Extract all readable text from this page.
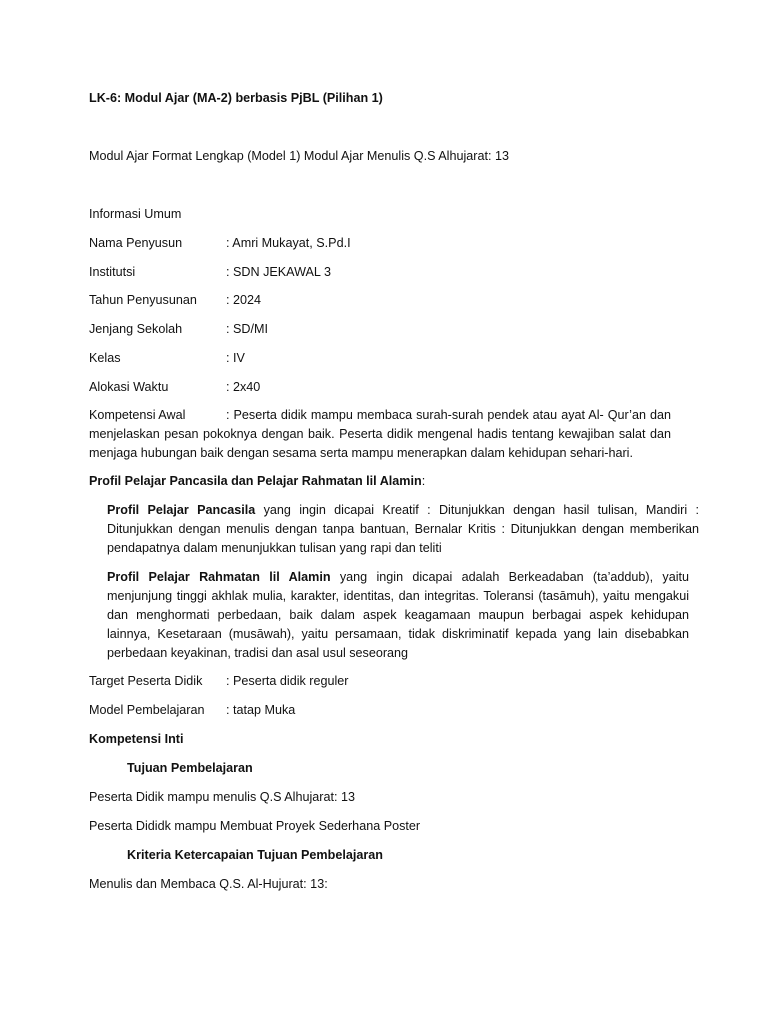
LK-6: Modul Ajar (MA-2) berbasis PjBL (Pilihan 1)
Modul Ajar Format Lengkap (Model 1) Modul Ajar Menulis Q.S Alhujarat: 13
Informasi Umum
Nama Penyusun	: Amri Mukayat, S.Pd.I
Institutsi	: SDN JEKAWAL 3
Tahun Penyusunan : 2024
Jenjang Sekolah	: SD/MI
Kelas	: IV
Alokasi Waktu	: 2x40
Kompetensi Awal	: Peserta didik mampu membaca surah-surah pendek atau ayat Al- Qur’an dan menjelaskan pesan pokoknya dengan baik. Peserta didik mengenal hadis tentang kewajiban salat dan menjaga hubungan baik dengan sesama serta mampu menerapkan dalam kehidupan sehari-hari.
Profil Pelajar Pancasila dan Pelajar Rahmatan lil Alamin:
Profil Pelajar Pancasila yang ingin dicapai Kreatif : Ditunjukkan dengan hasil tulisan, Mandiri : Ditunjukkan dengan menulis dengan tanpa bantuan, Bernalar Kritis : Ditunjukkan dengan memberikan pendapatnya dalam menunjukkan tulisan yang rapi dan teliti
Profil Pelajar Rahmatan lil Alamin yang ingin dicapai adalah Berkeadaban (ta’addub), yaitu menjunjung tinggi akhlak mulia, karakter, identitas, dan integritas. Toleransi (tasāmuh), yaitu mengakui dan menghormati perbedaan, baik dalam aspek keagamaan maupun berbagai aspek kehidupan lainnya, Kesetaraan (musāwah), yaitu persamaan, tidak diskriminatif kepada yang lain disebabkan perbedaan keyakinan, tradisi dan asal usul seseorang
Target Peserta Didik : Peserta didik reguler
Model Pembelajaran : tatap Muka
Kompetensi Inti
Tujuan Pembelajaran
Peserta Didik mampu menulis Q.S Alhujarat: 13
Peserta Dididk mampu Membuat Proyek Sederhana Poster
Kriteria Ketercapaian Tujuan Pembelajaran
Menulis dan Membaca Q.S. Al-Hujurat: 13:
